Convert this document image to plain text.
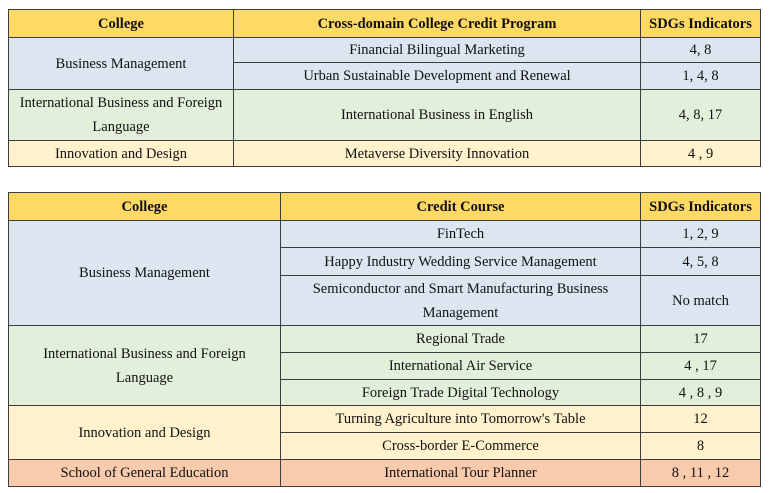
College	Cross-domain College Credit Program	SDGs Indicators
Business Management	Financial Bilingual Marketing	4, 8
	Urban Sustainable Development and Renewal	1, 4, 8
International Business and Foreign Language	International Business in English	4, 8, 17
Innovation and Design	Metaverse Diversity Innovation	4 , 9
College	Credit Course	SDGs Indicators
Business Management	FinTech	1, 2, 9
	Happy Industry Wedding Service Management	4, 5, 8
	Semiconductor and Smart Manufacturing Business Management	No match
International Business and Foreign Language	Regional Trade	17
	International Air Service	4 , 17
	Foreign Trade Digital Technology	4 , 8 , 9
Innovation and Design	Turning Agriculture into Tomorrow's Table	12
	Cross-border E-Commerce	8
School of General Education	International Tour Planner	8 , 11 , 12
